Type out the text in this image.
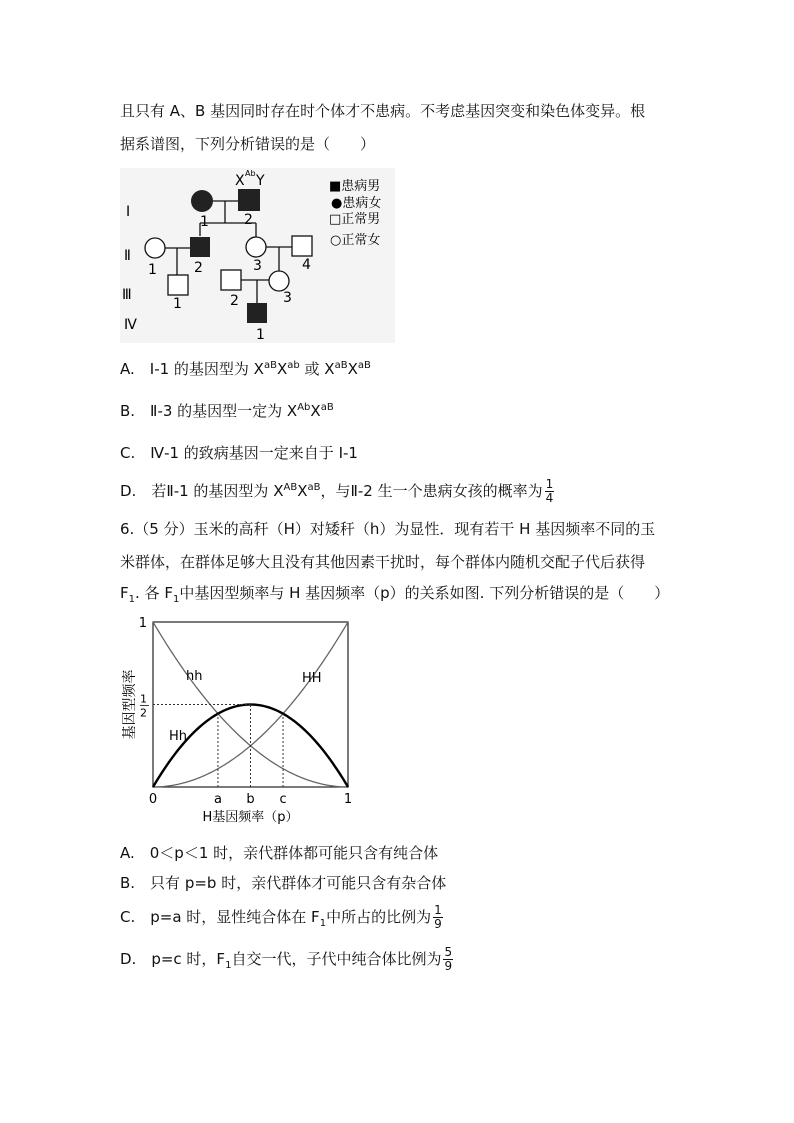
且只有 A、B 基因同时存在时个体才不患病。不考虑基因突变和染色体变异。根
据系谱图，下列分析错误的是（　　）
Ⅰ
Ⅱ
Ⅲ
Ⅳ
X Ab Y
1	2
1	2	3	4
1	2	3
1
■患病男
●患病女
□正常男
○正常女
A.　Ⅰ-1 的基因型为 $X^{aB}X^{ab}$ 或 $X^{aB}X^{aB}$
B.　Ⅱ-3 的基因型一定为 $X^{Ab}X^{aB}$
C.　Ⅳ-1 的致病基因一定来自于 Ⅰ-1
D.　若Ⅱ-1 的基因型为 $X^{AB}X^{aB}$，与Ⅱ-2 生一个患病女孩的概率为 $\frac{1}{4}$
6.（5 分）玉米的高秆（H）对矮秆（h）为显性．现有若干 H 基因频率不同的玉
米群体，在群体足够大且没有其他因素干扰时，每个群体内随机交配子代后获得
$F_1$. 各 $F_1$中基因型频率与 H 基因频率（p）的关系如图. 下列分析错误的是（　　）
0	a b c	1
1
1
2
hh	HH
Hh
基因型频率
H基因频率（p）
A.　0＜p＜1 时，亲代群体都可能只含有纯合体
B.　只有 p=b 时，亲代群体才可能只含有杂合体
C.　p=a 时，显性纯合体在 $F_1$中所占的比例为 $\frac{1}{9}$
D.　p=c 时，$F_1$自交一代，子代中纯合体比例为 $\frac{5}{9}$
